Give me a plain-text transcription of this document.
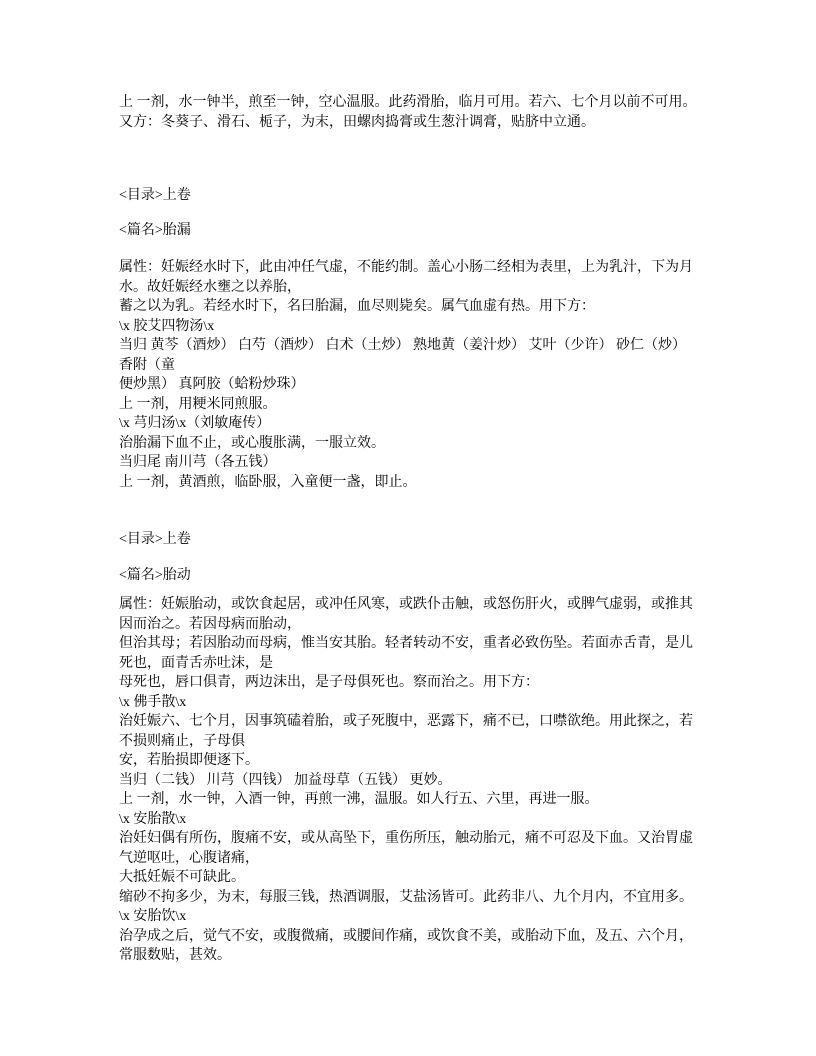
上 一剂，水一钟半，煎至一钟，空心温服。此药滑胎，临月可用。若六、七个月以前不可用。
又方：冬葵子、滑石、栀子，为末，田螺肉捣膏或生葱汁调膏，贴脐中立通。
<目录>上卷
<篇名>胎漏
属性：妊娠经水时下，此由冲任气虚，不能约制。盖心小肠二经相为表里，上为乳汁，下为月
水。故妊娠经水壅之以养胎，
蓄之以为乳。若经水时下，名曰胎漏，血尽则毙矣。属气血虚有热。用下方：
\x 胶艾四物汤\x
当归 黄芩（酒炒） 白芍（酒炒） 白术（土炒） 熟地黄（姜汁炒） 艾叶（少许） 砂仁（炒）
香附（童
便炒黑） 真阿胶（蛤粉炒珠）
上 一剂，用粳米同煎服。
\x 芎归汤\x（刘敏庵传）
治胎漏下血不止，或心腹胀满，一服立效。
当归尾 南川芎（各五钱）
上 一剂，黄酒煎，临卧服，入童便一盏，即止。
<目录>上卷
<篇名>胎动
属性：妊娠胎动，或饮食起居，或冲任风寒，或跌仆击触，或怒伤肝火，或脾气虚弱，或推其
因而治之。若因母病而胎动，
但治其母；若因胎动而母病，惟当安其胎。轻者转动不安，重者必致伤坠。若面赤舌青，是儿
死也，面青舌赤吐沫，是
母死也，唇口俱青，两边沫出，是子母俱死也。察而治之。用下方：
\x 佛手散\x
治妊娠六、七个月，因事筑磕着胎，或子死腹中，恶露下，痛不已，口噤欲绝。用此探之，若
不损则痛止，子母俱
安，若胎损即便逐下。
当归（二钱） 川芎（四钱） 加益母草（五钱） 更妙。
上 一剂，水一钟，入酒一钟，再煎一沸，温服。如人行五、六里，再进一服。
\x 安胎散\x
治妊妇偶有所伤，腹痛不安，或从高坠下，重伤所压，触动胎元，痛不可忍及下血。又治胃虚
气逆呕吐，心腹诸痛，
大抵妊娠不可缺此。
缩砂不拘多少，为末，每服三钱，热酒调服，艾盐汤皆可。此药非八、九个月内，不宜用多。
\x 安胎饮\x
治孕成之后，觉气不安，或腹微痛，或腰间作痛，或饮食不美，或胎动下血，及五、六个月，
常服数贴，甚效。
